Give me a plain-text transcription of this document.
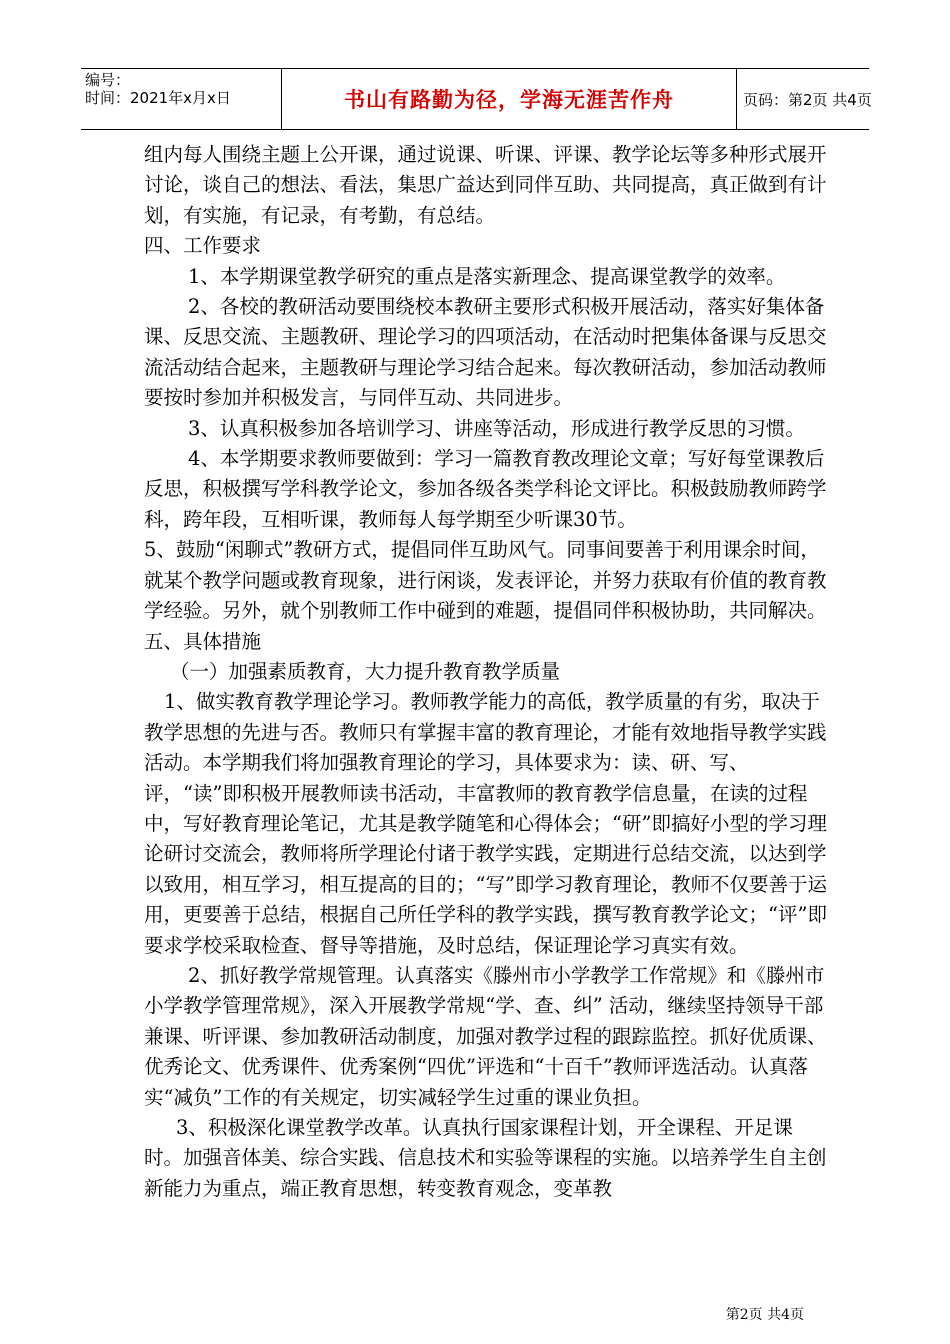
编号：
时间：2021年x月x日	书山有路勤为径，学海无涯苦作舟	页码：第2页 共4页

组内每人围绕主题上公开课，通过说课、听课、评课、教学论坛等多种形式展开讨论，谈自己的想法、看法，集思广益达到同伴互助、共同提高，真正做到有计划，有实施，有记录，有考勤，有总结。

四、工作要求

1、本学期课堂教学研究的重点是落实新理念、提高课堂教学的效率。

2、各校的教研活动要围绕校本教研主要形式积极开展活动，落实好集体备课、反思交流、主题教研、理论学习的四项活动，在活动时把集体备课与反思交流活动结合起来，主题教研与理论学习结合起来。每次教研活动，参加活动教师要按时参加并积极发言，与同伴互动、共同进步。

3、认真积极参加各培训学习、讲座等活动，形成进行教学反思的习惯。

4、本学期要求教师要做到：学习一篇教育教改理论文章；写好每堂课教后反思，积极撰写学科教学论文，参加各级各类学科论文评比。积极鼓励教师跨学科，跨年段，互相听课，教师每人每学期至少听课30节。

5、鼓励“闲聊式”教研方式，提倡同伴互助风气。同事间要善于利用课余时间，就某个教学问题或教育现象，进行闲谈，发表评论，并努力获取有价值的教育教学经验。另外，就个别教师工作中碰到的难题，提倡同伴积极协助，共同解决。

五、具体措施

（一）加强素质教育，大力提升教育教学质量

1、做实教育教学理论学习。教师教学能力的高低，教学质量的有劣，取决于教学思想的先进与否。教师只有掌握丰富的教育理论，才能有效地指导教学实践活动。本学期我们将加强教育理论的学习，具体要求为：读、研、写、评，“读”即积极开展教师读书活动，丰富教师的教育教学信息量，在读的过程中，写好教育理论笔记，尤其是教学随笔和心得体会；“研”即搞好小型的学习理论研讨交流会，教师将所学理论付诸于教学实践，定期进行总结交流，以达到学以致用，相互学习，相互提高的目的；“写”即学习教育理论，教师不仅要善于运用，更要善于总结，根据自己所任学科的教学实践，撰写教育教学论文；“评”即要求学校采取检查、督导等措施，及时总结，保证理论学习真实有效。

2、抓好教学常规管理。认真落实《滕州市小学教学工作常规》和《滕州市小学教学管理常规》，深入开展教学常规“学、查、纠” 活动，继续坚持领导干部兼课、听评课、参加教研活动制度，加强对教学过程的跟踪监控。抓好优质课、优秀论文、优秀课件、优秀案例“四优”评选和“十百千”教师评选活动。认真落实“减负”工作的有关规定，切实减轻学生过重的课业负担。

3、积极深化课堂教学改革。认真执行国家课程计划，开全课程、开足课时。加强音体美、综合实践、信息技术和实验等课程的实施。以培养学生自主创新能力为重点，端正教育思想，转变教育观念，变革教

第2页 共4页
